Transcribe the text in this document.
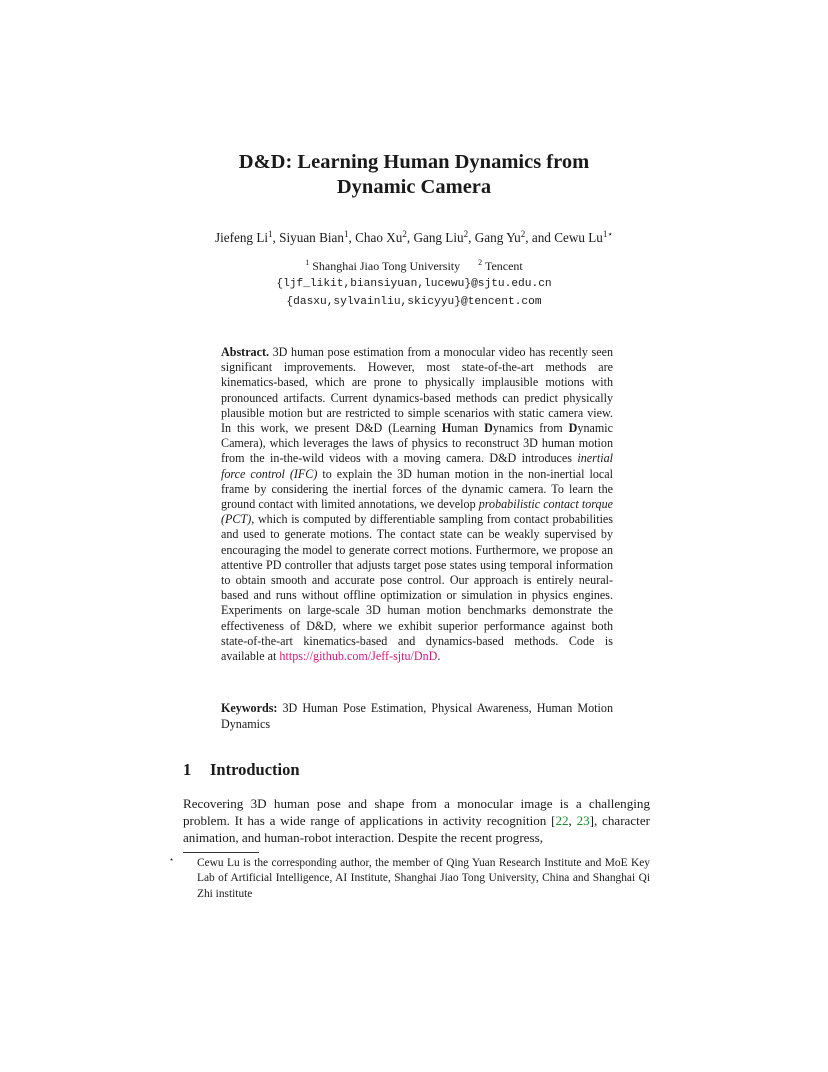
D&D: Learning Human Dynamics from
Dynamic Camera
Jiefeng Li$^1$, Siyuan Bian$^1$, Chao Xu$^2$, Gang Liu$^2$, Gang Yu$^2$, and Cewu $Lu^{1⋆}$
$^1$ Shanghai Jiao Tong University $^2$ Tencent
{ljf_likit,biansiyuan,lucewu}@sjtu.edu.cn
{dasxu,sylvainliu,skicyyu}@tencent.com
Abstract. 3D human pose estimation from a monocular video has recently seen significant improvements. However, most state-of-the-art methods are kinematics-based, which are prone to physically implausible motions with pronounced artifacts. Current dynamics-based methods can predict physically plausible motion but are restricted to simple scenarios with static camera view. In this work, we present D&D (Learning Human Dynamics from Dynamic Camera), which leverages the laws of physics to reconstruct 3D human motion from the in-the-wild videos with a moving camera. D&D introduces inertial force control (IFC) to explain the 3D human motion in the non-inertial local frame by considering the inertial forces of the dynamic camera. To learn the ground contact with limited annotations, we develop probabilistic contact torque (PCT), which is computed by differentiable sampling from contact probabilities and used to generate motions. The contact state can be weakly supervised by encouraging the model to generate correct motions. Furthermore, we propose an attentive PD controller that adjusts target pose states using temporal information to obtain smooth and accurate pose control. Our approach is entirely neural-based and runs without offline optimization or simulation in physics engines. Experiments on large-scale 3D human motion benchmarks demonstrate the effectiveness of D&D, where we exhibit superior performance against both state-of-the-art kinematics-based and dynamics-based methods. Code is available at https://github.com/Jeff-sjtu/DnD.
Keywords: 3D Human Pose Estimation, Physical Awareness, Human Motion Dynamics
1 Introduction
Recovering 3D human pose and shape from a monocular image is a challenging problem. It has a wide range of applications in activity recognition [22, 23], character animation, and human-robot interaction. Despite the recent progress,
⋆ Cewu Lu is the corresponding author, the member of Qing Yuan Research Institute and MoE Key Lab of Artificial Intelligence, AI Institute, Shanghai Jiao Tong University, China and Shanghai Qi Zhi institute
